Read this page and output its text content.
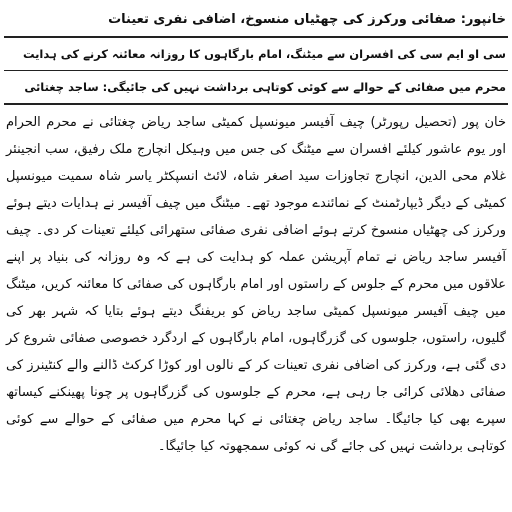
خانپور: صفائی ورکرز کی چھٹیاں منسوخ، اضافی نفری تعینات
سی او ایم سی کی افسران سے میٹنگ، امام بارگاہوں کا روزانہ معائنہ کرنے کی ہدایت
محرم میں صفائی کے حوالے سے کوئی کوتاہی برداشت نہیں کی جائیگی: ساجد چغتائی

خان پور (تحصیل رپورٹر) چیف آفیسر میونسپل کمیٹی ساجد ریاض چغتائی نے محرم الحرام اور یوم عاشور کیلئے افسران سے میٹنگ کی جس میں وہیکل انچارج ملک رفیق، سب انجینئر غلام محی الدین، انچارج تجاوزات سید اصغر شاہ، لائٹ انسپکٹر یاسر شاہ سمیت میونسپل کمیٹی کے دیگر ڈیپارٹمنٹ کے نمائندے موجود تھے۔ میٹنگ میں چیف آفیسر نے ہدایات دیتے ہوئے ورکرز کی چھٹیاں منسوخ کرتے ہوئے اضافی نفری صفائی ستھرائی کیلئے تعینات کر دی۔ چیف آفیسر ساجد ریاض نے تمام آپریشن عملہ کو ہدایت کی ہے کہ وہ روزانہ کی بنیاد پر اپنے علاقوں میں محرم کے جلوس کے راستوں اور امام بارگاہوں کی صفائی کا معائنہ کریں، میٹنگ میں چیف آفیسر میونسپل کمیٹی ساجد ریاض کو بریفنگ دیتے ہوئے بتایا کہ شہر بھر کی گلیوں، راستوں، جلوسوں کی گزرگاہوں، امام بارگاہوں کے اردگرد خصوصی صفائی شروع کر دی گئی ہے، ورکرز کی اضافی نفری تعینات کر کے نالوں اور کوڑا کرکٹ ڈالنے والے کنٹینرز کی صفائی دھلائی کرائی جا رہی ہے، محرم کے جلوسوں کی گزرگاہوں پر چونا پھینکنے کیساتھ سپرے بھی کیا جائیگا۔ ساجد ریاض چغتائی نے کہا محرم میں صفائی کے حوالے سے کوئی کوتاہی برداشت نہیں کی جائے گی نہ کوئی سمجھوتہ کیا جائیگا۔
